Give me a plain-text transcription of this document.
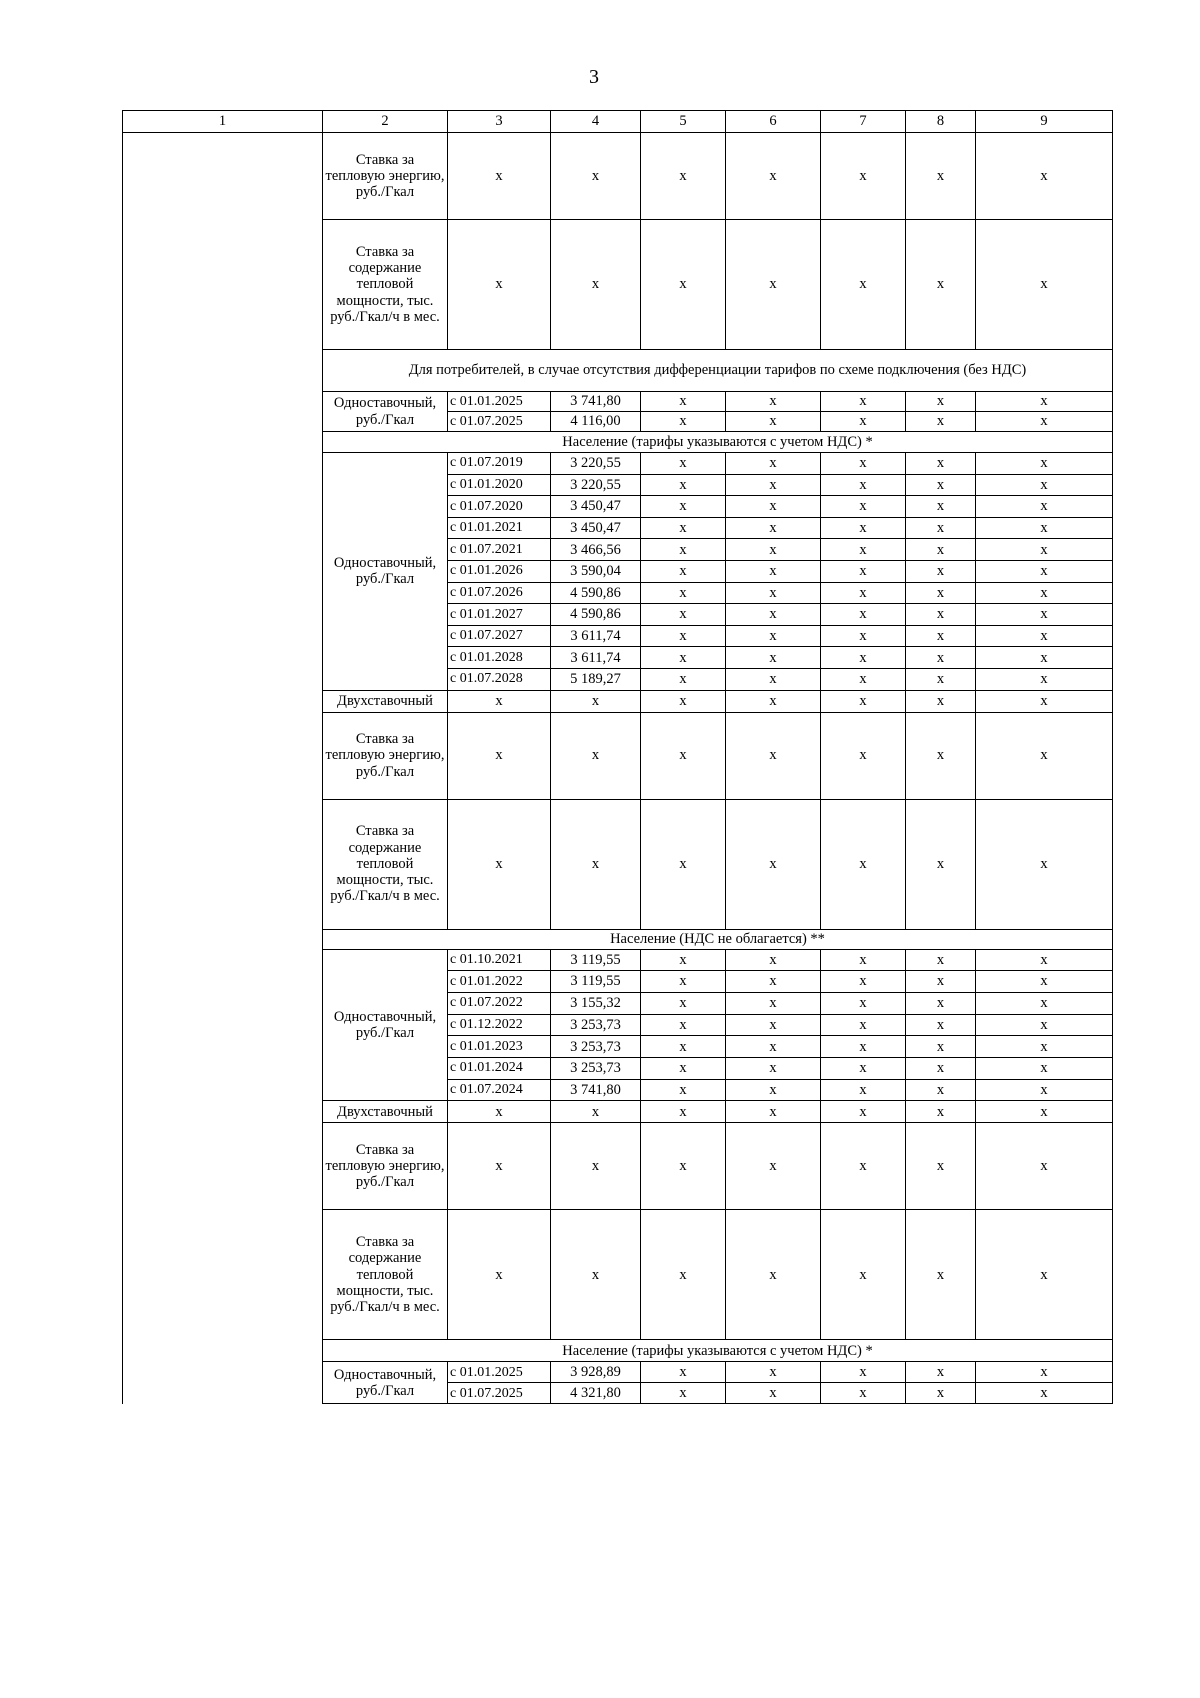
3
1	2	3	4	5	6	7	8	9
	Ставка за тепловую энергию, руб./Гкал	x	x	x	x	x	x	x
	Ставка за содержание тепловой мощности, тыс. руб./Гкал/ч в мес.	x	x	x	x	x	x	x
	Для потребителей, в случае отсутствия дифференциации тарифов по схеме подключения (без НДС)							
	Одноставочный, руб./Гкал	с 01.01.2025	3 741,80	x	x	x	x	x
		с 01.07.2025	4 116,00	x	x	x	x	x
	Население (тарифы указываются с учетом НДС) *							
	Одноставочный, руб./Гкал	с 01.07.2019	3 220,55	x	x	x	x	x
		с 01.01.2020	3 220,55	x	x	x	x	x
		с 01.07.2020	3 450,47	x	x	x	x	x
		с 01.01.2021	3 450,47	x	x	x	x	x
		с 01.07.2021	3 466,56	x	x	x	x	x
		с 01.01.2026	3 590,04	x	x	x	x	x
		с 01.07.2026	4 590,86	x	x	x	x	x
		с 01.01.2027	4 590,86	x	x	x	x	x
		с 01.07.2027	3 611,74	x	x	x	x	x
		с 01.01.2028	3 611,74	x	x	x	x	x
		с 01.07.2028	5 189,27	x	x	x	x	x
	Двухставочный	x	x	x	x	x	x	x
	Ставка за тепловую энергию, руб./Гкал	x	x	x	x	x	x	x
	Ставка за содержание тепловой мощности, тыс. руб./Гкал/ч в мес.	x	x	x	x	x	x	x
	Население (НДС не облагается) **							
	Одноставочный, руб./Гкал	с 01.10.2021	3 119,55	x	x	x	x	x
		с 01.01.2022	3 119,55	x	x	x	x	x
		с 01.07.2022	3 155,32	x	x	x	x	x
		с 01.12.2022	3 253,73	x	x	x	x	x
		с 01.01.2023	3 253,73	x	x	x	x	x
		с 01.01.2024	3 253,73	x	x	x	x	x
		с 01.07.2024	3 741,80	x	x	x	x	x
	Двухставочный	x	x	x	x	x	x	x
	Ставка за тепловую энергию, руб./Гкал	x	x	x	x	x	x	x
	Ставка за содержание тепловой мощности, тыс. руб./Гкал/ч в мес.	x	x	x	x	x	x	x
	Население (тарифы указываются с учетом НДС) *							
	Одноставочный, руб./Гкал	с 01.01.2025	3 928,89	x	x	x	x	x
		с 01.07.2025	4 321,80	x	x	x	x	x
